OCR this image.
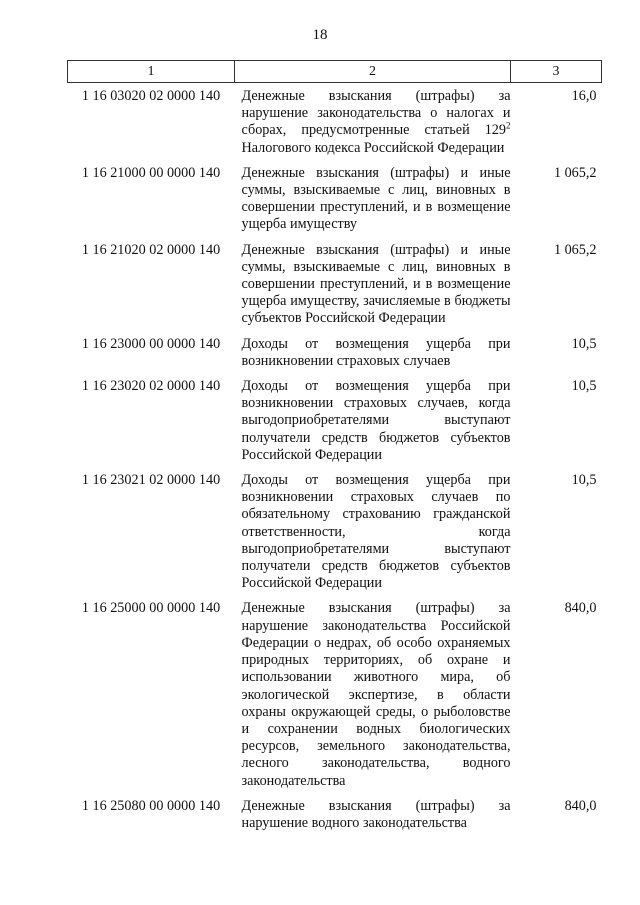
18
1	2	3
1 16 03020 02 0000 140	Денежные взыскания (штрафы) за нарушение законодательства о налогах и сборах, предусмотренные статьей $129^2$ Налогового кодекса Российской Федерации	16,0
1 16 21000 00 0000 140	Денежные взыскания (штрафы) и иные суммы, взыскиваемые с лиц, виновных в совершении преступлений, и в возмещение ущерба имуществу	1 065,2
1 16 21020 02 0000 140	Денежные взыскания (штрафы) и иные суммы, взыскиваемые с лиц, виновных в совершении преступлений, и в возмещение ущерба имуществу, зачисляемые в бюджеты субъектов Российской Федерации	1 065,2
1 16 23000 00 0000 140	Доходы от возмещения ущерба при возникновении страховых случаев	10,5
1 16 23020 02 0000 140	Доходы от возмещения ущерба при возникновении страховых случаев, когда выгодоприобретателями выступают получатели средств бюджетов субъектов Российской Федерации	10,5
1 16 23021 02 0000 140	Доходы от возмещения ущерба при возникновении страховых случаев по обязательному страхованию гражданской ответственности, когда выгодоприобретателями выступают получатели средств бюджетов субъектов Российской Федерации	10,5
1 16 25000 00 0000 140	Денежные взыскания (штрафы) за нарушение законодательства Российской Федерации о недрах, об особо охраняемых природных территориях, об охране и использовании животного мира, об экологической экспертизе, в области охраны окружающей среды, о рыболовстве и сохранении водных биологических ресурсов, земельного законодательства, лесного законодательства, водного законодательства	840,0
1 16 25080 00 0000 140	Денежные взыскания (штрафы) за нарушение водного законодательства	840,0
